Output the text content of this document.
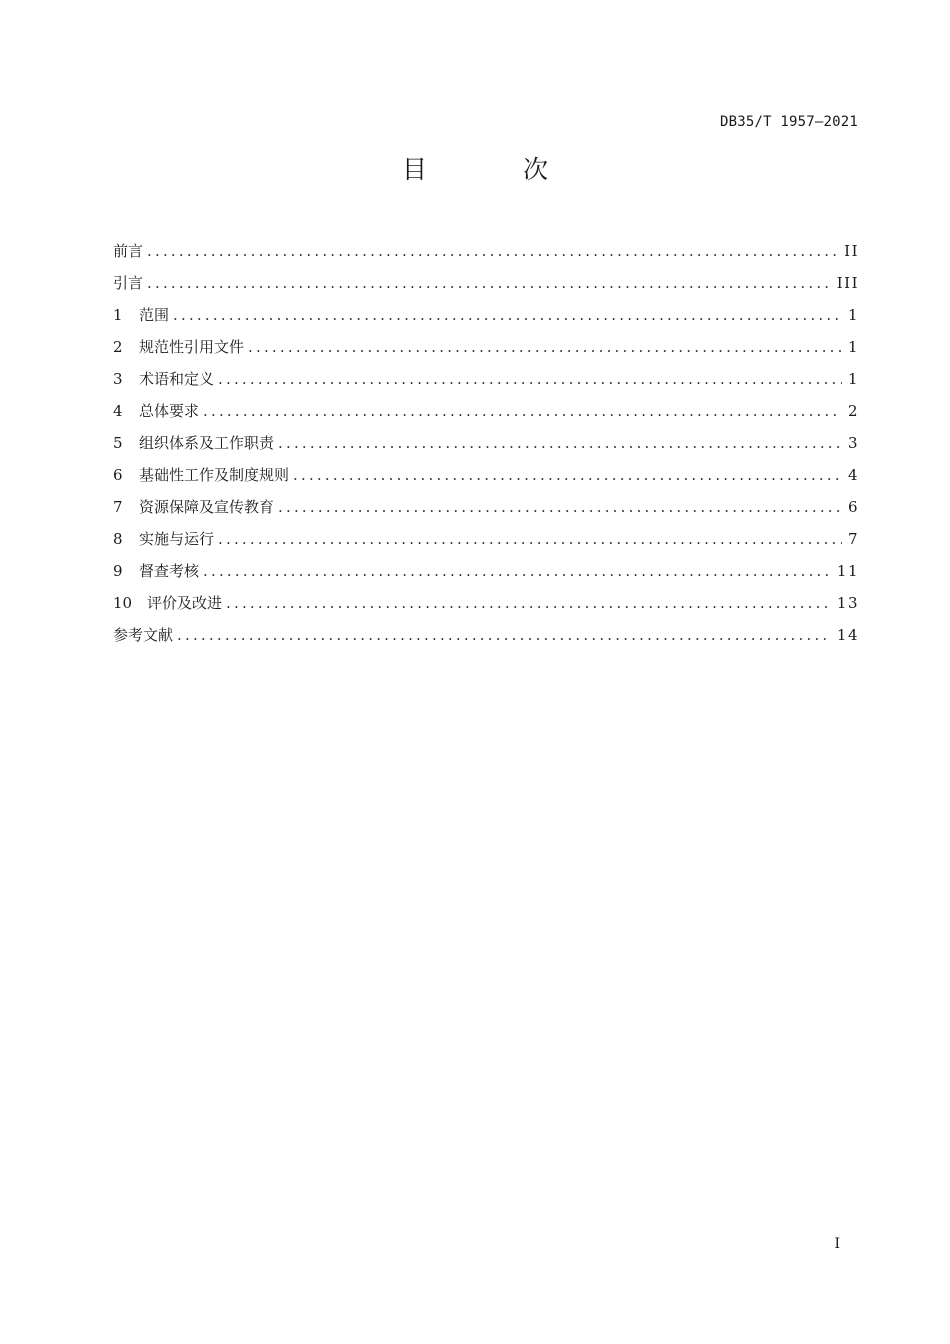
DB35/T 1957—2021
目 次
前言 .....	II
引言 .....	III
1	范围 .....	1
2	规范性引用文件 .....	1
3	术语和定义 .....	1
4	总体要求 .....	2
5	组织体系及工作职责 .....	3
6	基础性工作及制度规则 .....	4
7	资源保障及宣传教育 .....	6
8	实施与运行 .....	7
9	督查考核 .....	11
10 评价及改进 .....	13
参考文献 .....	14
I
